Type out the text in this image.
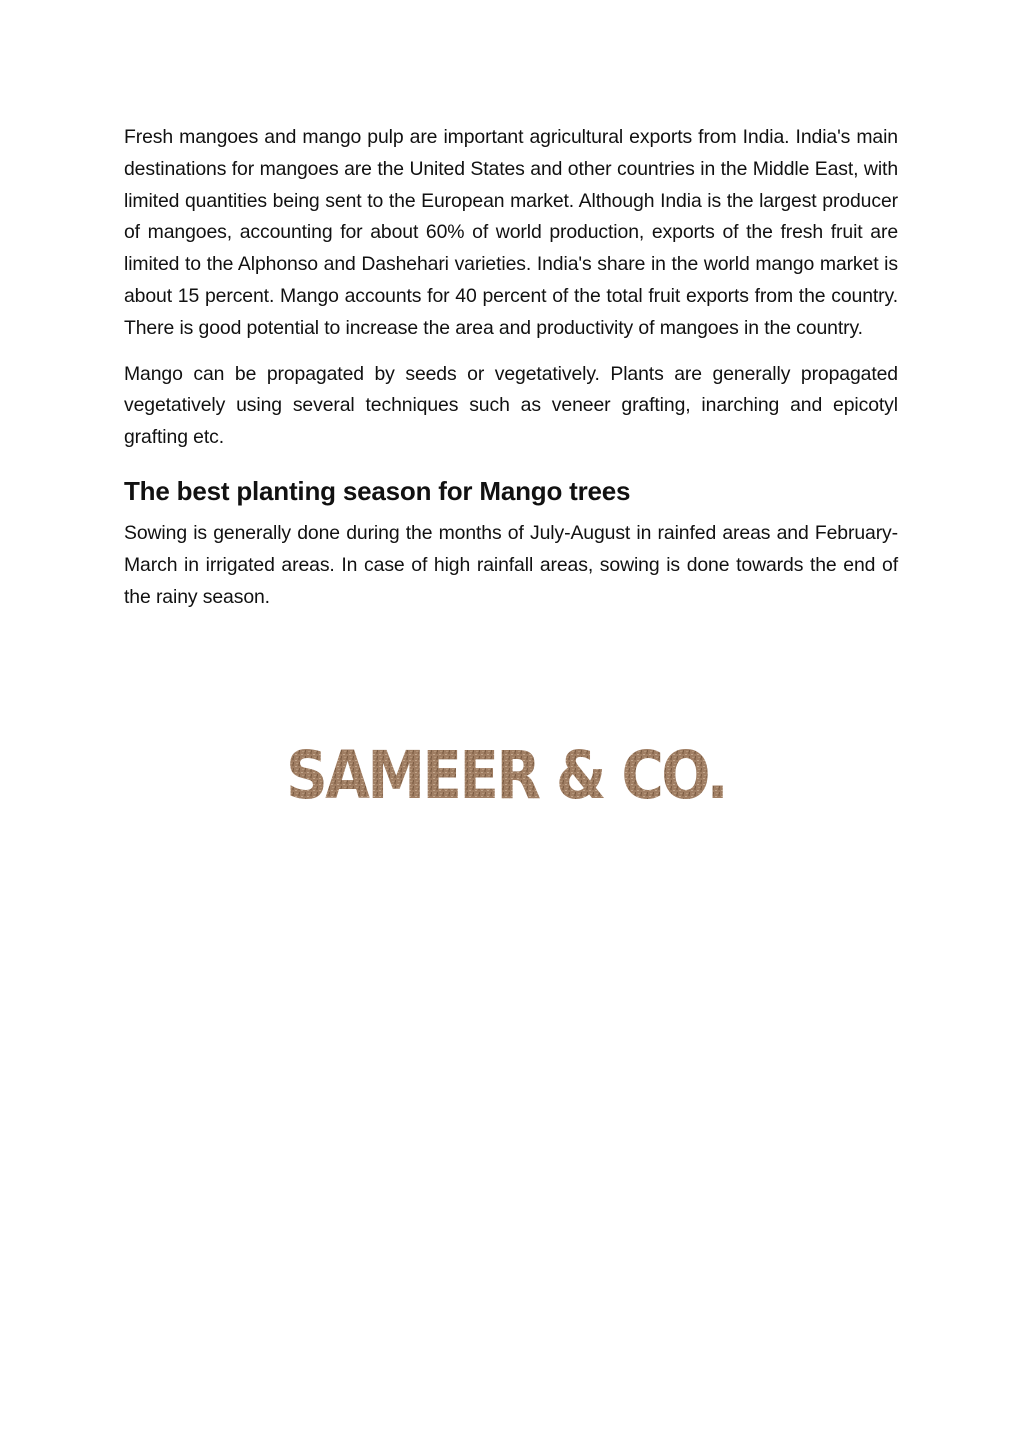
Fresh mangoes and mango pulp are important agricultural exports from India. India's main destinations for mangoes are the United States and other countries in the Middle East, with limited quantities being sent to the European market. Although India is the largest producer of mangoes, accounting for about 60% of world production, exports of the fresh fruit are limited to the Alphonso and Dashehari varieties. India's share in the world mango market is about 15 percent. Mango accounts for 40 percent of the total fruit exports from the country. There is good potential to increase the area and productivity of mangoes in the country.

Mango can be propagated by seeds or vegetatively. Plants are generally propagated vegetatively using several techniques such as veneer grafting, inarching and epicotyl grafting etc.

The best planting season for Mango trees

Sowing is generally done during the months of July-August in rainfed areas and February-March in irrigated areas. In case of high rainfall areas, sowing is done towards the end of the rainy season.

SAMEER & CO.
